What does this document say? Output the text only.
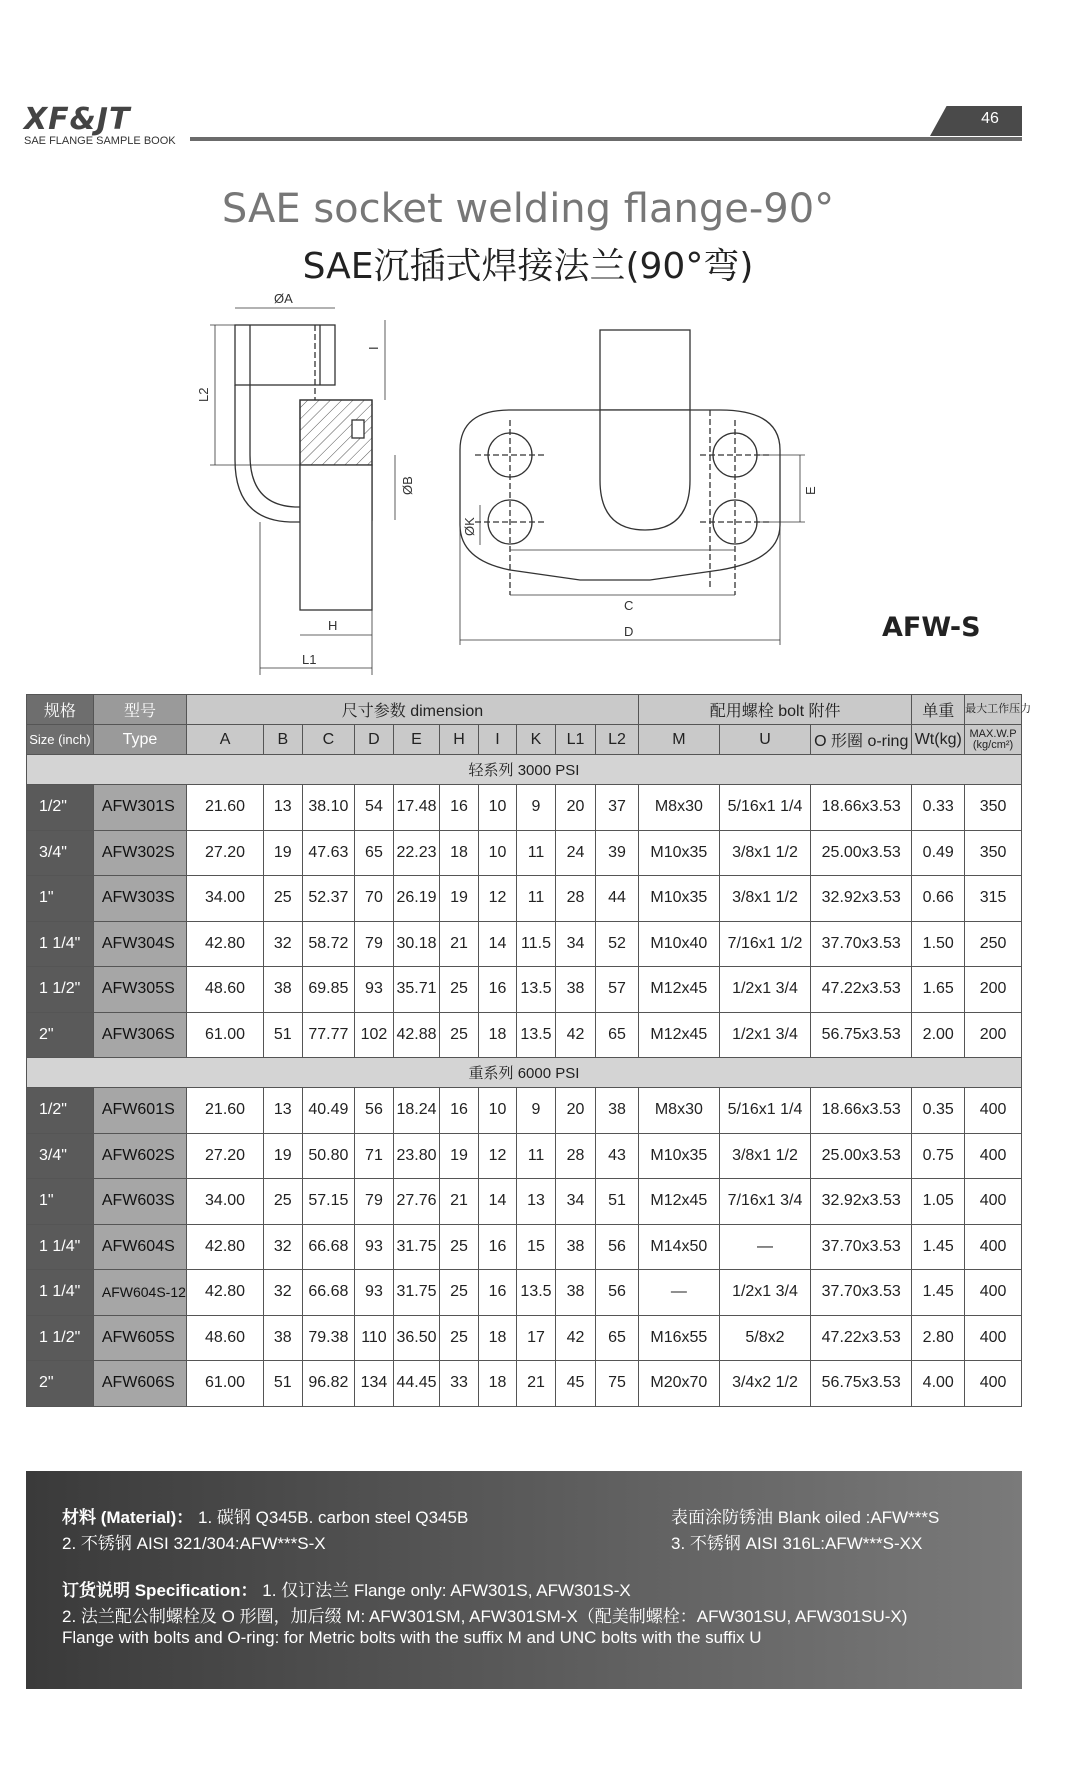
XF&JT
SAE FLANGE SAMPLE BOOK
46
SAE socket welding flange-90°
SAE沉插式焊接法兰(90°弯)
ØA
L2
I
ØB
H
L1
ØK
E
C
D	AFW-S
规格	型号	尺寸参数 dimension										配用螺栓 bolt 附件			单重	最大工作压力
Size (inch)	Type	A	B	C	D	E	H	I	K	L1	L2	M	U	O 形圈 o-ring	Wt(kg)	MAX.W.P
(kg/cm²)

轻系列 3000 PSI																
1/2"	AFW301S	21.60	13	38.10	54	17.48	16	10	9	20	37	M8x30	5/16x1 1/4	18.66x3.53	0.33	350
3/4"	AFW302S	27.20	19	47.63	65	22.23	18	10	11	24	39	M10x35	3/8x1 1/2	25.00x3.53	0.49	350
1"	AFW303S	34.00	25	52.37	70	26.19	19	12	11	28	44	M10x35	3/8x1 1/2	32.92x3.53	0.66	315
1 1/4"	AFW304S	42.80	32	58.72	79	30.18	21	14	11.5	34	52	M10x40	7/16x1 1/2	37.70x3.53	1.50	250
1 1/2"	AFW305S	48.60	38	69.85	93	35.71	25	16	13.5	38	57	M12x45	1/2x1 3/4	47.22x3.53	1.65	200
2"	AFW306S	61.00	51	77.77	102	42.88	25	18	13.5	42	65	M12x45	1/2x1 3/4	56.75x3.53	2.00	200
重系列 6000 PSI																
1/2"	AFW601S	21.60	13	40.49	56	18.24	16	10	9	20	38	M8x30	5/16x1 1/4	18.66x3.53	0.35	400
3/4"	AFW602S	27.20	19	50.80	71	23.80	19	12	11	28	43	M10x35	3/8x1 1/2	25.00x3.53	0.75	400
1"	AFW603S	34.00	25	57.15	79	27.76	21	14	13	34	51	M12x45	7/16x1 3/4	32.92x3.53	1.05	400
1 1/4"	AFW604S	42.80	32	66.68	93	31.75	25	16	15	38	56	M14x50	—	37.70x3.53	1.45	400
1 1/4"	AFW604S-12	42.80	32	66.68	93	31.75	25	16	13.5	38	56	—	1/2x1 3/4	37.70x3.53	1.45	400
1 1/2"	AFW605S	48.60	38	79.38	110	36.50	25	18	17	42	65	M16x55	5/8x2	47.22x3.53	2.80	400
2"	AFW606S	61.00	51	96.82	134	44.45	33	18	21	45	75	M20x70	3/4x2 1/2	56.75x3.53	4.00	400
材料 (Material)： 1. 碳钢 Q345B. carbon steel Q345B
2. 不锈钢 AISI 321/304:AFW***S-X
表面涂防锈油 Blank oiled :AFW***S
3. 不锈钢 AISI 316L:AFW***S-XX
订货说明 Specification： 1. 仅订法兰 Flange only: AFW301S, AFW301S-X
2. 法兰配公制螺栓及 O 形圈，加后缀 M: AFW301SM, AFW301SM-X（配美制螺栓：AFW301SU, AFW301SU-X)
Flange with bolts and O-ring: for Metric bolts with the suffix M and UNC bolts with the suffix U
